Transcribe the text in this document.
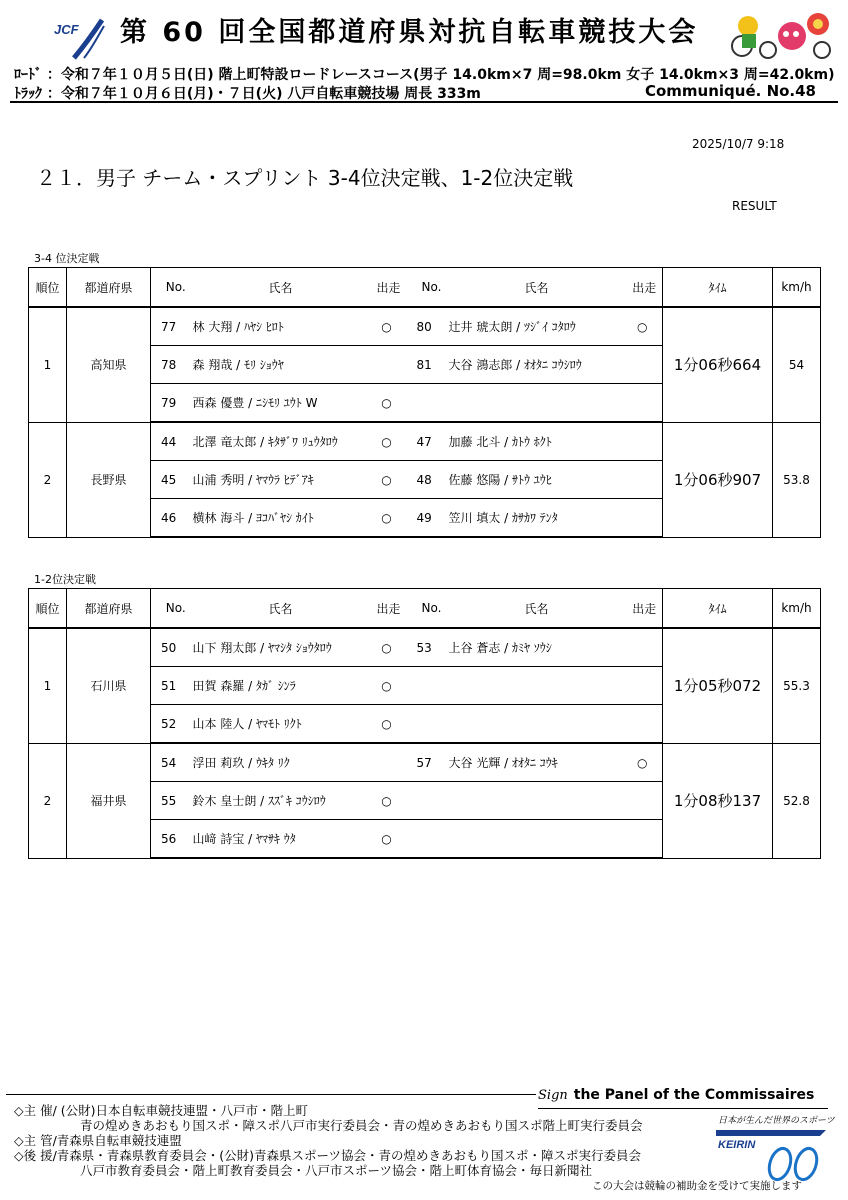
JCF 第 60 回全国都道府県対抗自転車競技大会
ﾛｰﾄﾞ ：令和７年１０月５日(日) 階上町特設ロードレースコース(男子 14.0km×7 周=98.0km 女子 14.0km×3 周=42.0km)
ﾄﾗｯｸ ：令和７年１０月６日(月)・７日(火) 八戸自転車競技場 周長 333m	Communiqué. No.48
2025/10/7 9:18
２１．男子 チーム・スプリント 3-4位決定戦、1-2位決定戦
RESULT
3-4 位決定戦
1-2位決定戦
順位	都道府県	No.	氏名	出走	No.	氏名	出走	ﾀｲﾑ	km/h
1	高知県	77	林 大翔 / ﾊﾔｼ ﾋﾛﾄ	○	80	辻井 琥太朗 / ﾂｼﾞｲ ｺﾀﾛｳ	○	1分06秒664	54
		78	森 翔哉 / ﾓﾘ ｼｮｳﾔ		81	大谷 鴻志郎 / ｵｵﾀﾆ ｺｳｼﾛｳ			
		79	西森 優豊 / ﾆｼﾓﾘ ﾕｳﾄ W	○					
2	長野県	44	北澤 竜太郎 / ｷﾀｻﾞﾜ ﾘｭｳﾀﾛｳ	○	47	加藤 北斗 / ｶﾄｳ ﾎｸﾄ		1分06秒907	53.8
		45	山浦 秀明 / ﾔﾏｳﾗ ﾋﾃﾞｱｷ	○	48	佐藤 悠陽 / ｻﾄｳ ﾕｳﾋ			
		46	横林 海斗 / ﾖｺﾊﾞﾔｼ ｶｲﾄ	○	49	笠川 填太 / ｶｻｶﾜ ﾃﾝﾀ			
順位	都道府県	No.	氏名	出走	No.	氏名	出走	ﾀｲﾑ	km/h
1	石川県	50	山下 翔太郎 / ﾔﾏｼﾀ ｼｮｳﾀﾛｳ	○	53	上谷 蒼志 / ｶﾐﾔ ｿｳｼ		1分05秒072	55.3
		51	田賀 森羅 / ﾀｶﾞ ｼﾝﾗ	○					
		52	山本 陸人 / ﾔﾏﾓﾄ ﾘｸﾄ	○					
2	福井県	54	浮田 莉玖 / ｳｷﾀ ﾘｸ		57	大谷 光輝 / ｵｵﾀﾆ ｺｳｷ	○	1分08秒137	52.8
		55	鈴木 皇士朗 / ｽｽﾞｷ ｺｳｼﾛｳ	○					
		56	山﨑 詩宝 / ﾔﾏｻｷ ｳﾀ	○					
Sign the Panel of the Commissaires
◇主 催/ (公財)日本自転車競技連盟・八戸市・階上町
青の煌めきあおもり国スポ・障スポ八戸市実行委員会・青の煌めきあおもり国スポ階上町実行委員会
◇主 管/青森県自転車競技連盟
◇後 援/青森県・青森県教育委員会・(公財)青森県スポーツ協会・青の煌めきあおもり国スポ・障スポ実行委員会
八戸市教育委員会・階上町教育委員会・八戸市スポーツ協会・階上町体育協会・毎日新聞社
日本が生んだ世界のスポーツ
KEIRIN
この大会は競輪の補助金を受けて実施します
